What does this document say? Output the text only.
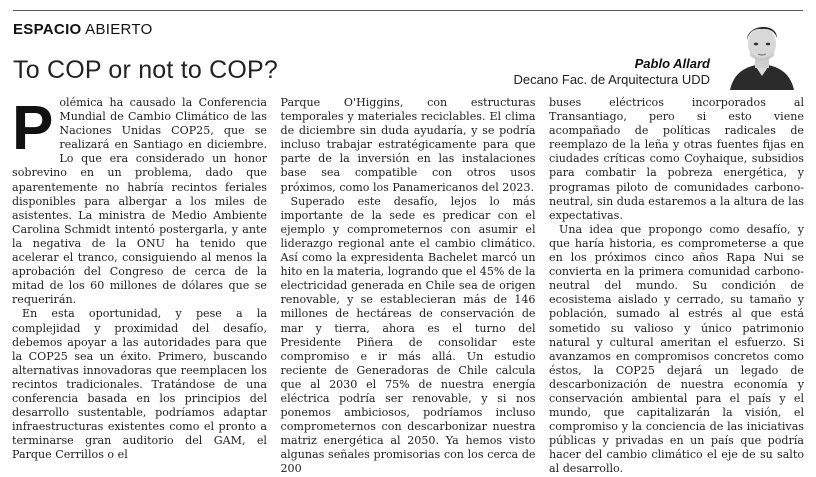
ESPACIO ABIERTO
To COP or not to COP?	Pablo Allard
Decano Fac. de Arquitectura UDD

Polémica ha causado la Conferencia Mundial de Cambio Climático de las Naciones Unidas COP25, que se realizará en Santiago en diciembre. Lo que era considerado un honor sobrevino en un problema, dado que aparentemente no habría recintos feriales disponibles para albergar a los miles de asistentes. La ministra de Medio Ambiente Carolina Schmidt intentó postergarla, y ante la negativa de la ONU ha tenido que acelerar el tranco, consiguiendo al menos la aprobación del Congreso de cerca de la mitad de los 60 millones de dólares que se requerirán.

En esta oportunidad, y pese a la complejidad y proximidad del desafío, debemos apoyar a las autoridades para que la COP25 sea un éxito. Primero, buscando alternativas innovadoras que reemplacen los recintos tradicionales. Tratándose de una conferencia basada en los principios del desarrollo sustentable, podríamos adaptar infraestructuras existentes como el pronto a terminarse gran auditorio del GAM, el Parque Cerrillos o el

Parque O'Higgins, con estructuras temporales y materiales reciclables. El clima de diciembre sin duda ayudaría, y se podría incluso trabajar estratégicamente para que parte de la inversión en las instalaciones base sea compatible con otros usos próximos, como los Panamericanos del 2023.

Superado este desafío, lejos lo más importante de la sede es predicar con el ejemplo y comprometernos con asumir el liderazgo regional ante el cambio climático. Así como la expresidenta Bachelet marcó un hito en la materia, logrando que el 45% de la electricidad generada en Chile sea de origen renovable, y se establecieran más de 146 millones de hectáreas de conservación de mar y tierra, ahora es el turno del Presidente Piñera de consolidar este compromiso e ir más allá. Un estudio reciente de Generadoras de Chile calcula que al 2030 el 75% de nuestra energía eléctrica podría ser renovable, y si nos ponemos ambiciosos, podríamos incluso comprometernos con descarbonizar nuestra matriz energética al 2050. Ya hemos visto algunas señales promisorias con los cerca de 200

buses eléctricos incorporados al Transantiago, pero si esto viene acompañado de políticas radicales de reemplazo de la leña y otras fuentes fijas en ciudades críticas como Coyhaique, subsidios para combatir la pobreza energética, y programas piloto de comunidades carbono-neutral, sin duda estaremos a la altura de las expectativas.

Una idea que propongo como desafío, y que haría historia, es comprometerse a que en los próximos cinco años Rapa Nui se convierta en la primera comunidad carbono-neutral del mundo. Su condición de ecosistema aislado y cerrado, su tamaño y población, sumado al estrés al que está sometido su valioso y único patrimonio natural y cultural ameritan el esfuerzo. Si avanzamos en compromisos concretos como éstos, la COP25 dejará un legado de descarbonización de nuestra economía y conservación ambiental para el país y el mundo, que capitalizarán la visión, el compromiso y la conciencia de las iniciativas públicas y privadas en un país que podría hacer del cambio climático el eje de su salto al desarrollo.
